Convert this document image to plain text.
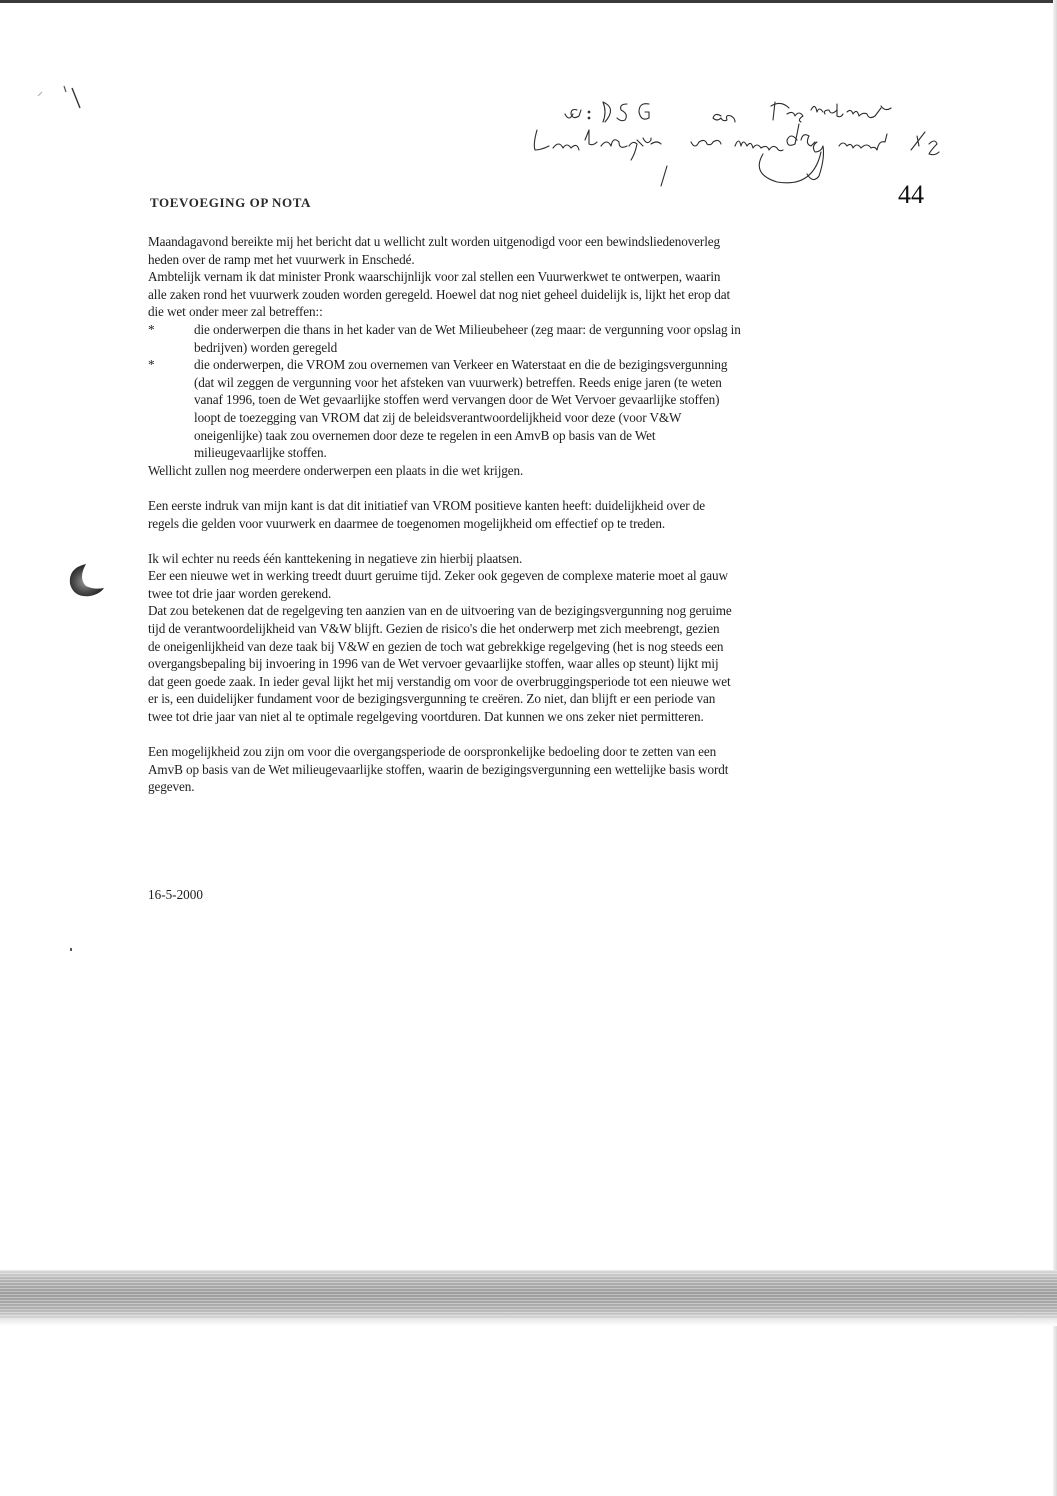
44
TOEVOEGING OP NOTA

Maandagavond bereikte mij het bericht dat u wellicht zult worden uitgenodigd voor een bewindsliedenoverleg

heden over de ramp met het vuurwerk in Enschedé.

Ambtelijk vernam ik dat minister Pronk waarschijnlijk voor zal stellen een Vuurwerkwet te ontwerpen, waarin

alle zaken rond het vuurwerk zouden worden geregeld. Hoewel dat nog niet geheel duidelijk is, lijkt het erop dat

die wet onder meer zal betreffen::

*	die onderwerpen die thans in het kader van de Wet Milieubeheer (zeg maar: de vergunning voor opslag in

bedrijven) worden geregeld

*	die onderwerpen, die VROM zou overnemen van Verkeer en Waterstaat en die de bezigingsvergunning

(dat wil zeggen de vergunning voor het afsteken van vuurwerk) betreffen. Reeds enige jaren (te weten

vanaf 1996, toen de Wet gevaarlijke stoffen werd vervangen door de Wet Vervoer gevaarlijke stoffen)

loopt de toezegging van VROM dat zij de beleidsverantwoordelijkheid voor deze (voor V&W

oneigenlijke) taak zou overnemen door deze te regelen in een AmvB op basis van de Wet

milieugevaarlijke stoffen.

Wellicht zullen nog meerdere onderwerpen een plaats in die wet krijgen.

Een eerste indruk van mijn kant is dat dit initiatief van VROM positieve kanten heeft: duidelijkheid over de

regels die gelden voor vuurwerk en daarmee de toegenomen mogelijkheid om effectief op te treden.

Ik wil echter nu reeds één kanttekening in negatieve zin hierbij plaatsen.

Eer een nieuwe wet in werking treedt duurt geruime tijd. Zeker ook gegeven de complexe materie moet al gauw

twee tot drie jaar worden gerekend.

Dat zou betekenen dat de regelgeving ten aanzien van en de uitvoering van de bezigingsvergunning nog geruime

tijd de verantwoordelijkheid van V&W blijft. Gezien de risico's die het onderwerp met zich meebrengt, gezien

de oneigenlijkheid van deze taak bij V&W en gezien de toch wat gebrekkige regelgeving (het is nog steeds een

overgangsbepaling bij invoering in 1996 van de Wet vervoer gevaarlijke stoffen, waar alles op steunt) lijkt mij

dat geen goede zaak. In ieder geval lijkt het mij verstandig om voor de overbruggingsperiode tot een nieuwe wet

er is, een duidelijker fundament voor de bezigingsvergunning te creëren. Zo niet, dan blijft er een periode van

twee tot drie jaar van niet al te optimale regelgeving voortduren. Dat kunnen we ons zeker niet permitteren.

Een mogelijkheid zou zijn om voor die overgangsperiode de oorspronkelijke bedoeling door te zetten van een

AmvB op basis van de Wet milieugevaarlijke stoffen, waarin de bezigingsvergunning een wettelijke basis wordt

gegeven.

16-5-2000
